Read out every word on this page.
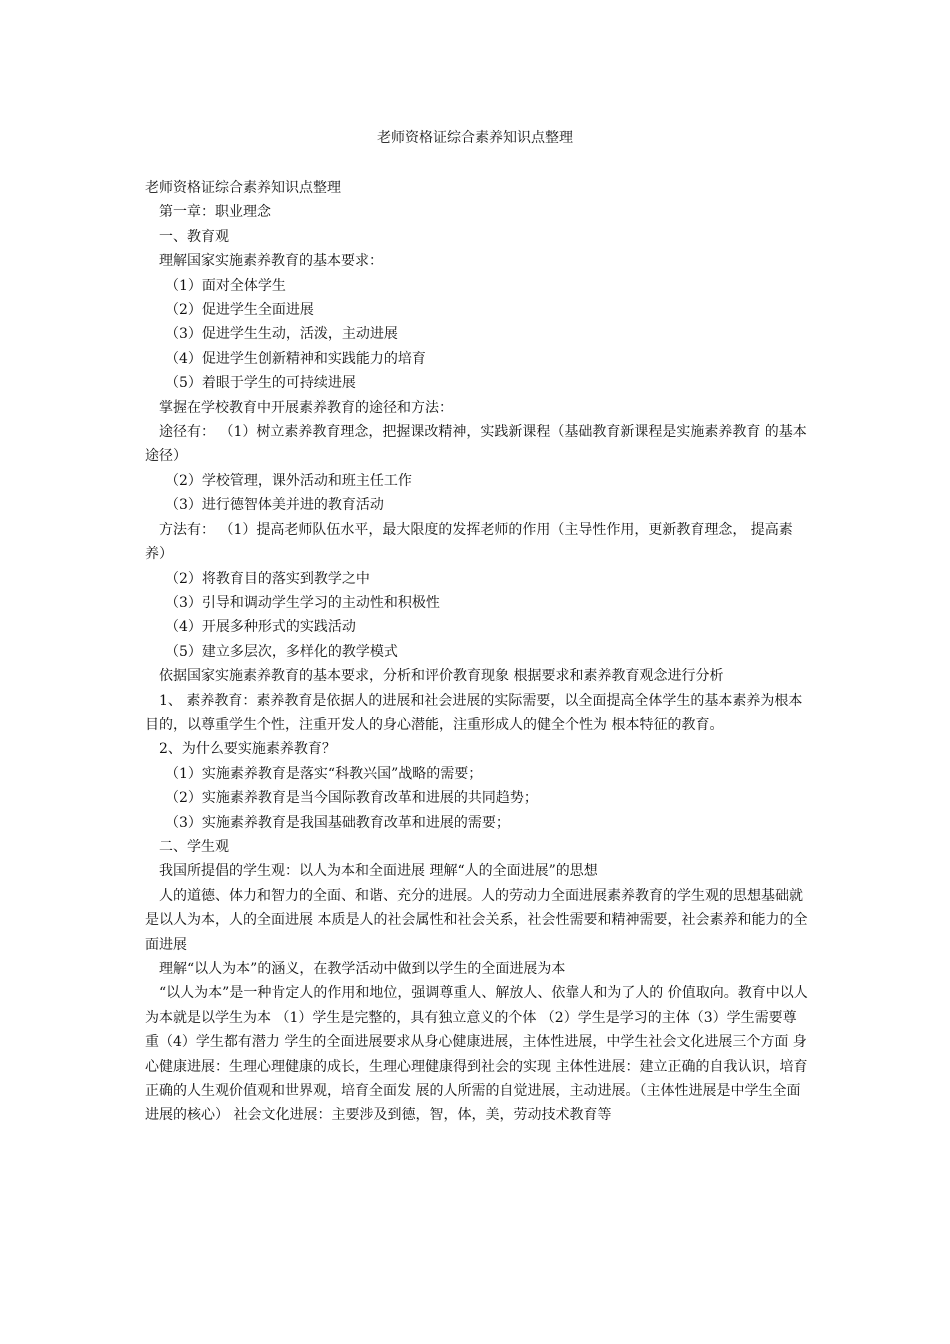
老师资格证综合素养知识点整理

老师资格证综合素养知识点整理

第一章：职业理念

一、教育观

理解国家实施素养教育的基本要求：

（1）面对全体学生

（2）促进学生全面进展

（3）促进学生生动，活泼，主动进展

（4）促进学生创新精神和实践能力的培育

（5）着眼于学生的可持续进展

掌握在学校教育中开展素养教育的途径和方法：

途径有： （1）树立素养教育理念，把握课改精神，实践新课程（基础教育新课程是实施素养教育 的基本途径）

（2）学校管理，课外活动和班主任工作

（3）进行德智体美并进的教育活动

方法有： （1）提高老师队伍水平，最大限度的发挥老师的作用（主导性作用，更新教育理念， 提高素养）

（2）将教育目的落实到教学之中

（3）引导和调动学生学习的主动性和积极性

（4）开展多种形式的实践活动

（5）建立多层次，多样化的教学模式

依据国家实施素养教育的基本要求，分析和评价教育现象 根据要求和素养教育观念进行分析

1、 素养教育：素养教育是依据人的进展和社会进展的实际需要，以全面提高全体学生的基本素养为根本目的，以尊重学生个性，注重开发人的身心潜能，注重形成人的健全个性为 根本特征的教育。

2、为什么要实施素养教育？

（1）实施素养教育是落实“科教兴国”战略的需要；

（2）实施素养教育是当今国际教育改革和进展的共同趋势；

（3）实施素养教育是我国基础教育改革和进展的需要；

二、学生观

我国所提倡的学生观：以人为本和全面进展 理解“人的全面进展”的思想

人的道德、体力和智力的全面、和谐、充分的进展。人的劳动力全面进展素养教育的学生观的思想基础就是以人为本，人的全面进展 本质是人的社会属性和社会关系，社会性需要和精神需要，社会素养和能力的全 面进展

理解“以人为本”的涵义，在教学活动中做到以学生的全面进展为本

“以人为本”是一种肯定人的作用和地位，强调尊重人、解放人、依靠人和为了人的 价值取向。教育中以人为本就是以学生为本 （1）学生是完整的，具有独立意义的个体 （2）学生是学习的主体（3）学生需要尊重（4）学生都有潜力 学生的全面进展要求从身心健康进展，主体性进展，中学生社会文化进展三个方面 身心健康进展：生理心理健康的成长，生理心理健康得到社会的实现 主体性进展：建立正确的自我认识，培育正确的人生观价值观和世界观，培育全面发 展的人所需的自觉进展，主动进展。（主体性进展是中学生全面进展的核心） 社会文化进展：主要涉及到德，智，体，美，劳动技术教育等
